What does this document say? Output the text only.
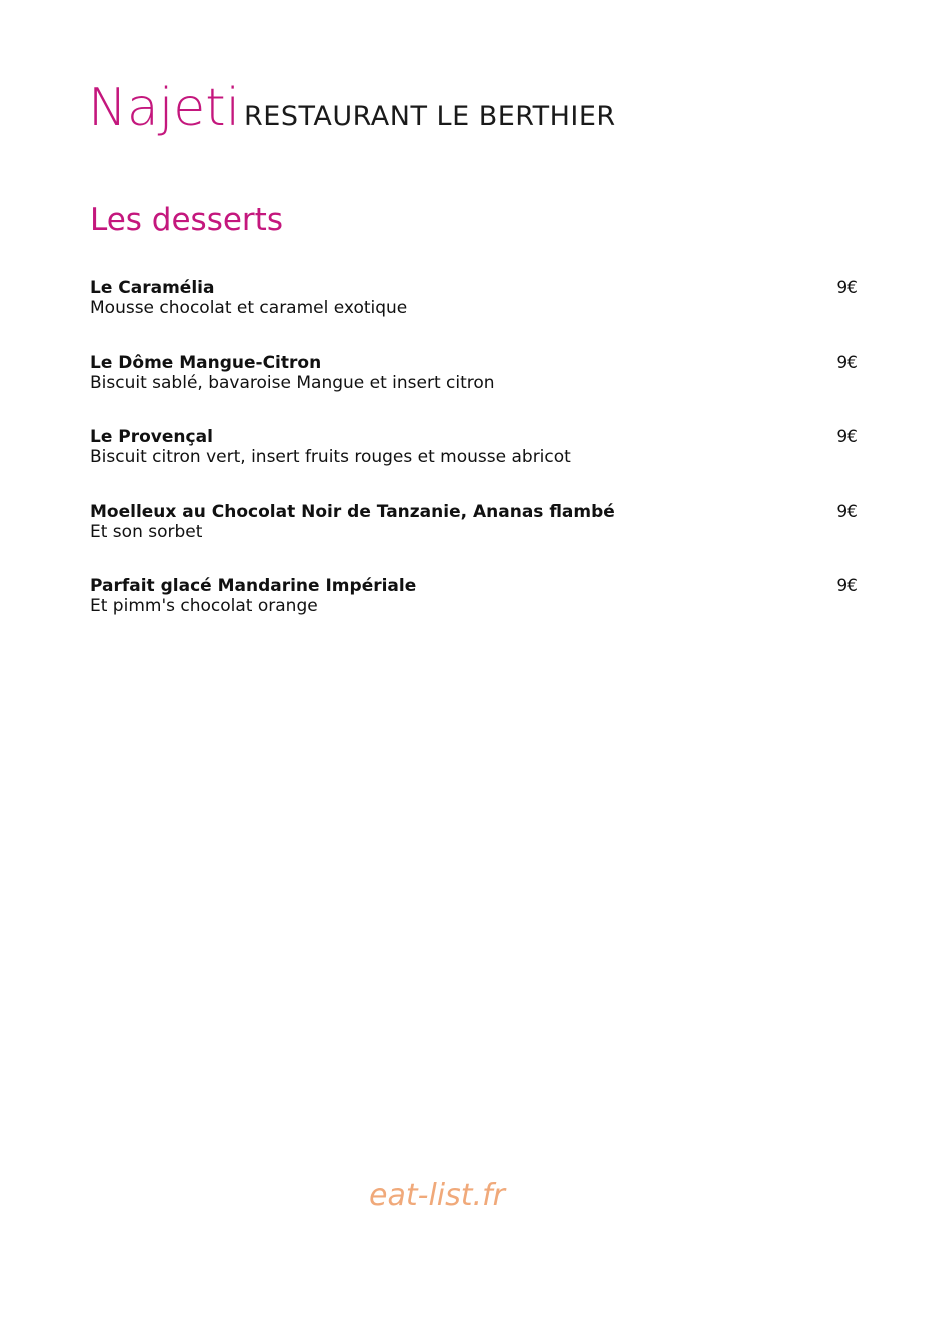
Najeti RESTAURANT LE BERTHIER
Les desserts
Le Caramélia
Mousse chocolat et caramel exotique
9€
Le Dôme Mangue-Citron
Biscuit sablé, bavaroise Mangue et insert citron
9€
Le Provençal
Biscuit citron vert, insert fruits rouges et mousse abricot
9€
Moelleux au Chocolat Noir de Tanzanie, Ananas flambé
Et son sorbet
9€
Parfait glacé Mandarine Impériale
Et pimm's chocolat orange
9€
eat-list.fr
